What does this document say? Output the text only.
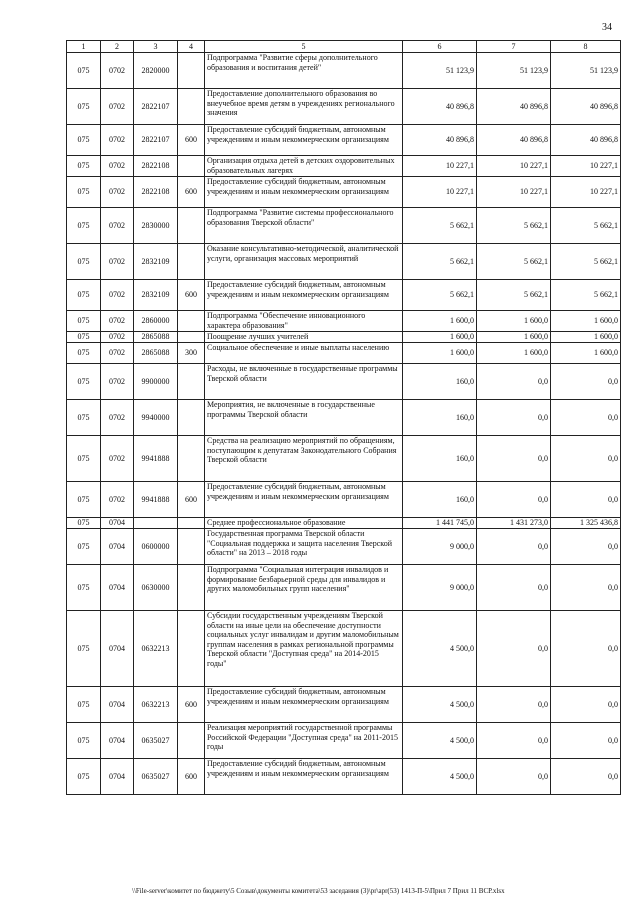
34
1	2	3	4	5	6	7	8
075	0702	2820000		Подпрограмма "Развитие сферы дополнительного образования и воспитания детей"	51 123,9	51 123,9	51 123,9
075	0702	2822107		Предоставление дополнительного образования во внеучебное время детям в учреждениях регионального значения	40 896,8	40 896,8	40 896,8
075	0702	2822107	600	Предоставление субсидий бюджетным, автономным учреждениям и иным некоммерческим организациям	40 896,8	40 896,8	40 896,8
075	0702	2822108		Организация отдыха детей в детских оздоровительных образовательных лагерях	10 227,1	10 227,1	10 227,1
075	0702	2822108	600	Предоставление субсидий бюджетным, автономным учреждениям и иным некоммерческим организациям	10 227,1	10 227,1	10 227,1
075	0702	2830000		Подпрограмма "Развитие системы профессионального образования Тверской области"	5 662,1	5 662,1	5 662,1
075	0702	2832109		Оказание консультативно-методической, аналитической услуги, организация массовых мероприятий	5 662,1	5 662,1	5 662,1
075	0702	2832109	600	Предоставление субсидий бюджетным, автономным учреждениям и иным некоммерческим организациям	5 662,1	5 662,1	5 662,1
075	0702	2860000		Подпрограмма "Обеспечение инновационного характера образования"	1 600,0	1 600,0	1 600,0
075	0702	2865088		Поощрение лучших учителей	1 600,0	1 600,0	1 600,0
075	0702	2865088	300	Социальное обеспечение и иные выплаты населению	1 600,0	1 600,0	1 600,0
075	0702	9900000		Расходы, не включенные в государственные программы Тверской области	160,0	0,0	0,0
075	0702	9940000		Мероприятия, не включенные в государственные программы Тверской области	160,0	0,0	0,0
075	0702	9941888		Средства на реализацию мероприятий по обращениям, поступающим к депутатам Законодательного Собрания Тверской области	160,0	0,0	0,0
075	0702	9941888	600	Предоставление субсидий бюджетным, автономным учреждениям и иным некоммерческим организациям	160,0	0,0	0,0
075	0704			Среднее профессиональное образование	1 441 745,0	1 431 273,0	1 325 436,8
075	0704	0600000		Государственная программа Тверской области "Социальная поддержка и защита населения Тверской области" на 2013 – 2018 годы	9 000,0	0,0	0,0
075	0704	0630000		Подпрограмма "Социальная интеграция инвалидов и формирование безбарьерной среды для инвалидов и других маломобильных групп населения"	9 000,0	0,0	0,0
075	0704	0632213		Субсидии государственным учреждениям Тверской области на иные цели на обеспечение доступности социальных услуг инвалидам и другим маломобильным группам населения в рамках региональной программы Тверской области "Доступная среда" на 2014-2015 годы"	4 500,0	0,0	0,0
075	0704	0632213	600	Предоставление субсидий бюджетным, автономным учреждениям и иным некоммерческим организациям	4 500,0	0,0	0,0
075	0704	0635027		Реализация мероприятий государственной программы Российской Федерации "Доступная среда" на 2011-2015 годы	4 500,0	0,0	0,0
075	0704	0635027	600	Предоставление субсидий бюджетным, автономным учреждениям и иным некоммерческим организациям	4 500,0	0,0	0,0
\\File-server\комитет по бюджету\5 Созыв\документы комитета\53 заседания (3)\pr\apr(53) 1413-П-5\Прил 7 Прил 11 ВСР.xlsx
